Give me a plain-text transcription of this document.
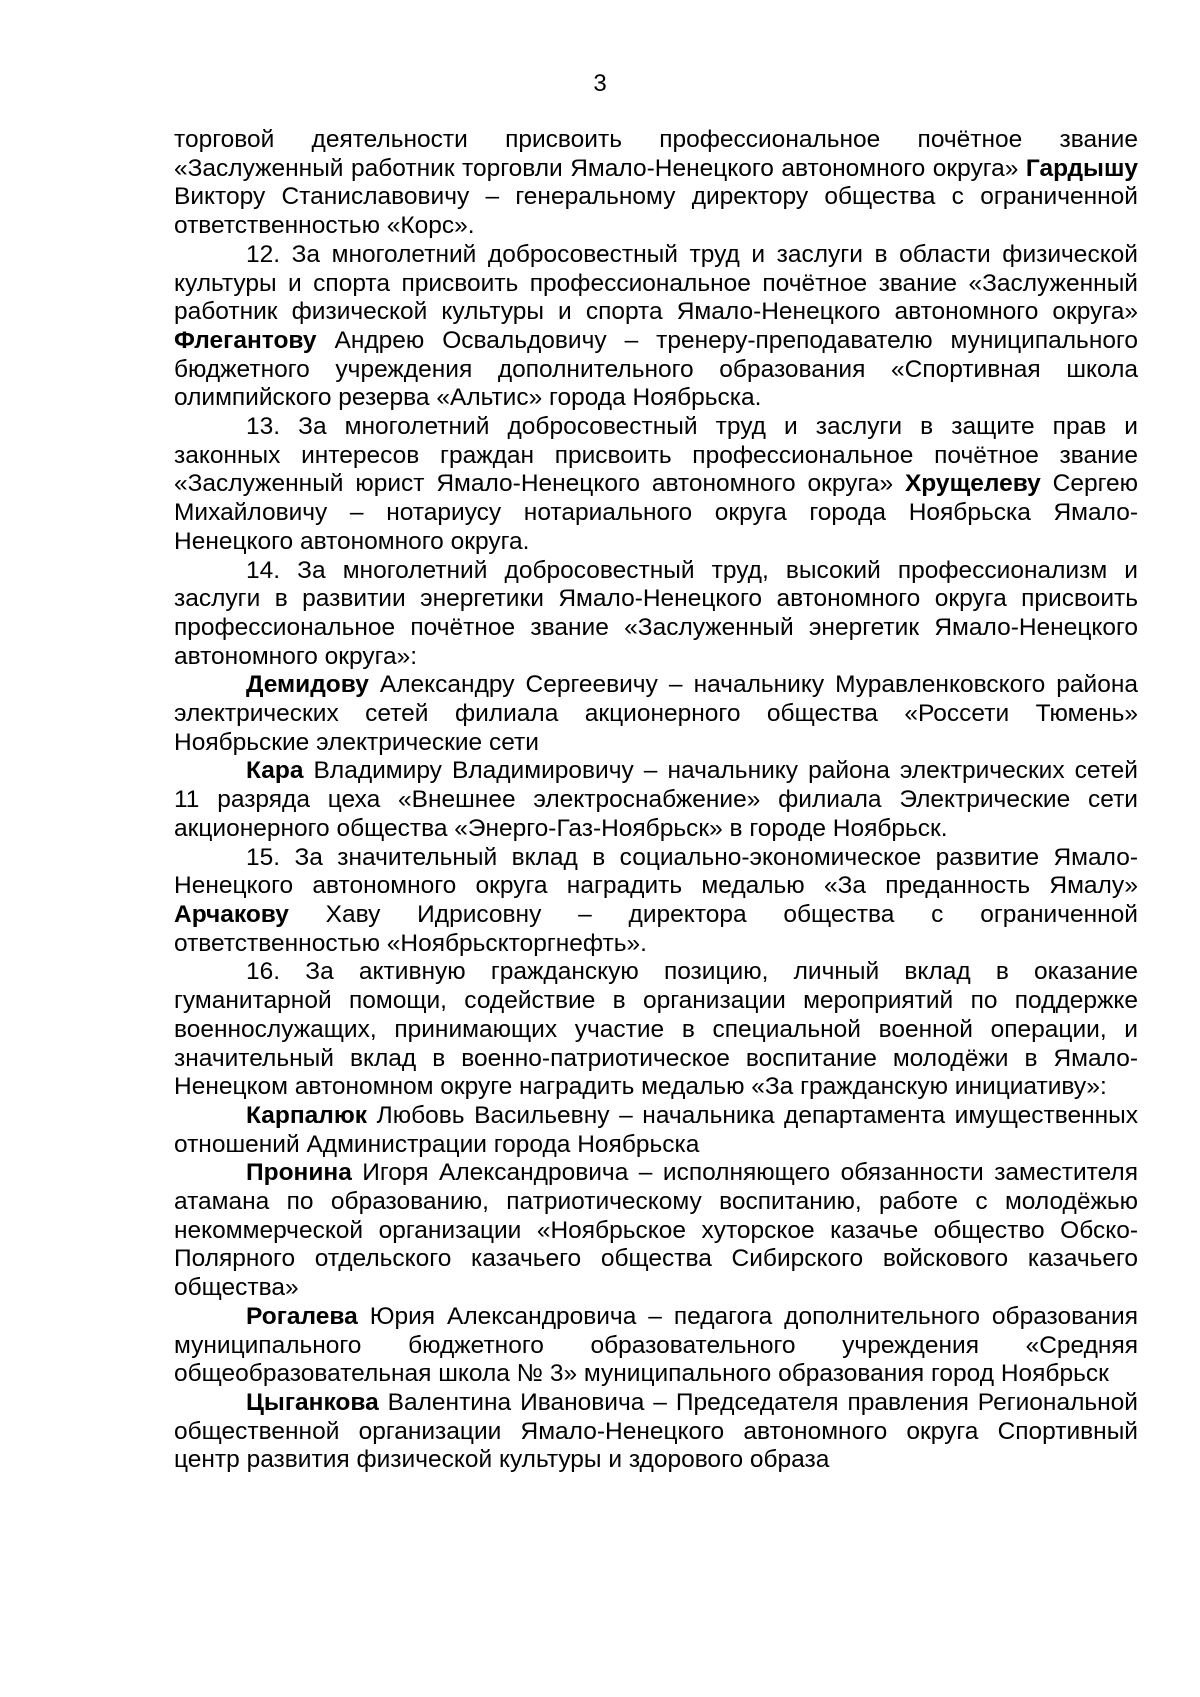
3

торговой деятельности присвоить профессиональное почётное звание «Заслуженный работник торговли Ямало-Ненецкого автономного округа» Гардышу Виктору Станиславовичу – генеральному директору общества с ограниченной ответственностью «Корс».

12. За многолетний добросовестный труд и заслуги в области физической культуры и спорта присвоить профессиональное почётное звание «Заслуженный работник физической культуры и спорта Ямало-Ненецкого автономного округа» Флегантову Андрею Освальдовичу – тренеру-преподавателю муниципального бюджетного учреждения дополнительного образования «Спортивная школа олимпийского резерва «Альтис» города Ноябрьска.

13. За многолетний добросовестный труд и заслуги в защите прав и законных интересов граждан присвоить профессиональное почётное звание «Заслуженный юрист Ямало-Ненецкого автономного округа» Хрущелеву Сергею Михайловичу – нотариусу нотариального округа города Ноябрьска Ямало-Ненецкого автономного округа.

14. За многолетний добросовестный труд, высокий профессионализм и заслуги в развитии энергетики Ямало-Ненецкого автономного округа присвоить профессиональное почётное звание «Заслуженный энергетик Ямало-Ненецкого автономного округа»:

Демидову Александру Сергеевичу – начальнику Муравленковского района электрических сетей филиала акционерного общества «Россети Тюмень» Ноябрьские электрические сети

Кара Владимиру Владимировичу – начальнику района электрических сетей 11 разряда цеха «Внешнее электроснабжение» филиала Электрические сети акционерного общества «Энерго-Газ-Ноябрьск» в городе Ноябрьск.

15. За значительный вклад в социально-экономическое развитие Ямало-Ненецкого автономного округа наградить медалью «За преданность Ямалу» Арчакову Хаву Идрисовну – директора общества с ограниченной ответственностью «Ноябрьскторгнефть».

16. За активную гражданскую позицию, личный вклад в оказание гуманитарной помощи, содействие в организации мероприятий по поддержке военнослужащих, принимающих участие в специальной военной операции, и значительный вклад в военно-патриотическое воспитание молодёжи в Ямало-Ненецком автономном округе наградить медалью «За гражданскую инициативу»:

Карпалюк Любовь Васильевну – начальника департамента имущественных отношений Администрации города Ноябрьска

Пронина Игоря Александровича – исполняющего обязанности заместителя атамана по образованию, патриотическому воспитанию, работе с молодёжью некоммерческой организации «Ноябрьское хуторское казачье общество Обско-Полярного отдельского казачьего общества Сибирского войскового казачьего общества»

Рогалева Юрия Александровича – педагога дополнительного образования муниципального бюджетного образовательного учреждения «Средняя общеобразовательная школа № 3» муниципального образования город Ноябрьск

Цыганкова Валентина Ивановича – Председателя правления Региональной общественной организации Ямало-Ненецкого автономного округа Спортивный центр развития физической культуры и здорового образа
